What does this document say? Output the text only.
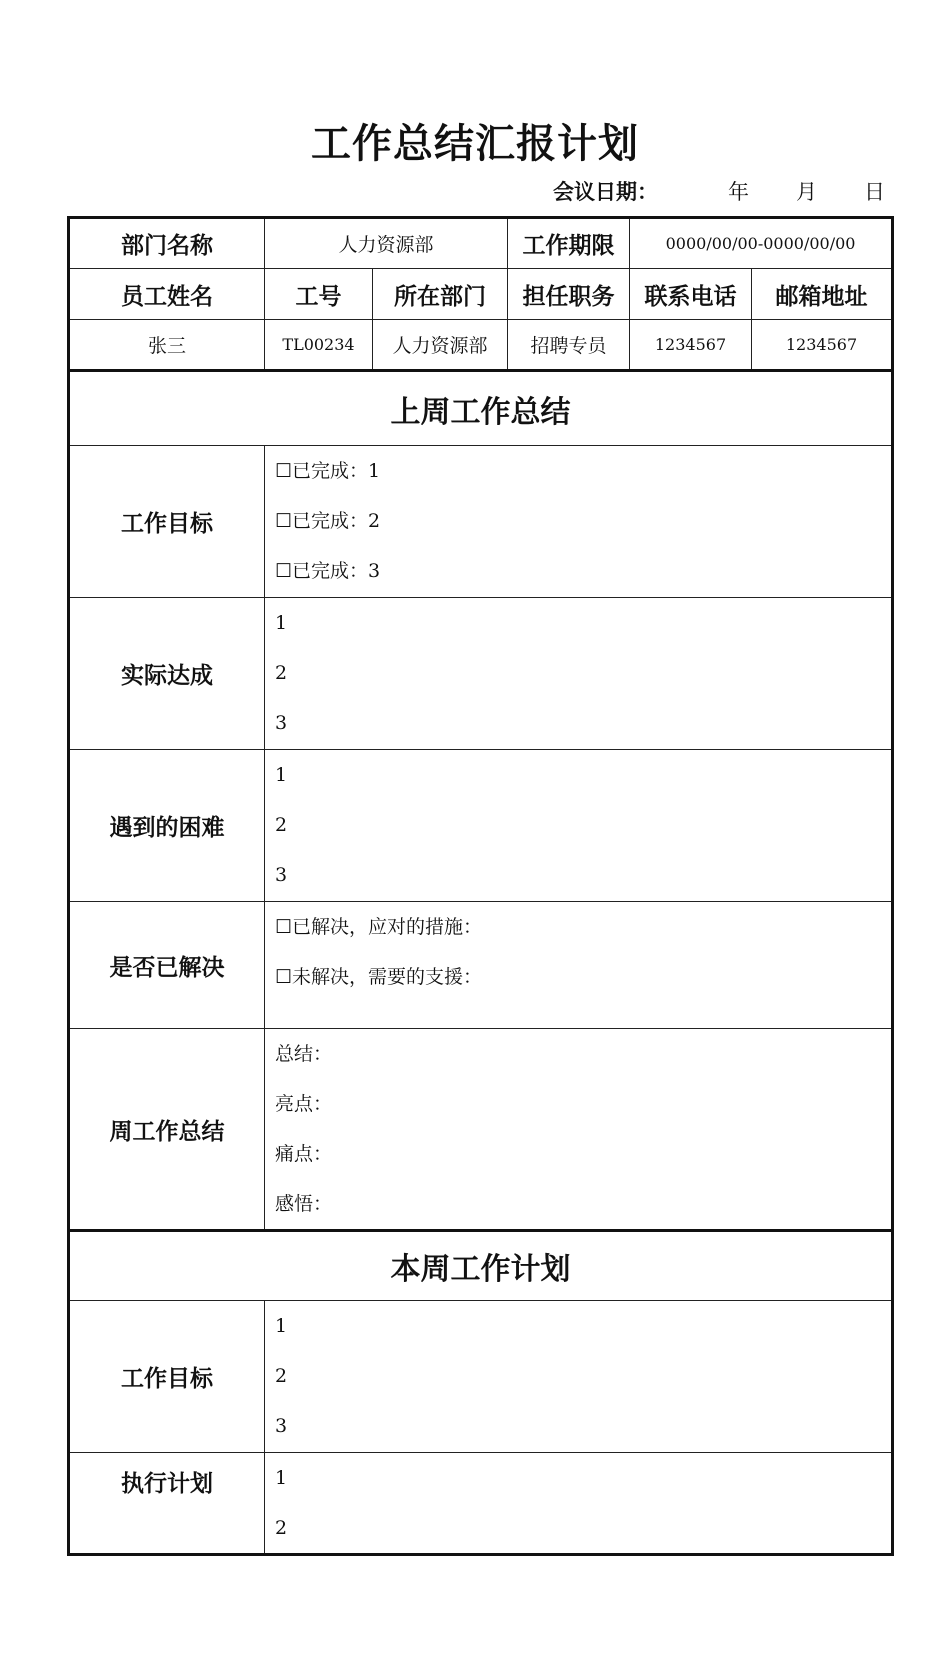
工作总结汇报计划
会议日期：	年 月 日
部门名称	人力资源部		工作期限	0000/00/00-0000/00/00	
员工姓名	工号	所在部门	担任职务	联系电话	邮箱地址
张三	TL00234	人力资源部	招聘专员	1234567	1234567
上周工作总结					
工作目标	☐已完成：1
☐已完成：2
☐已完成：3				

实际达成	1
2
3				

遇到的困难	1
2
3				

是否已解决	☐已解决，应对的措施：
☐未解决，需要的支援：				

周工作总结	总结：
亮点：
痛点：
感悟：				

本周工作计划					
工作目标	1
2
3				

执行计划	1
2				
